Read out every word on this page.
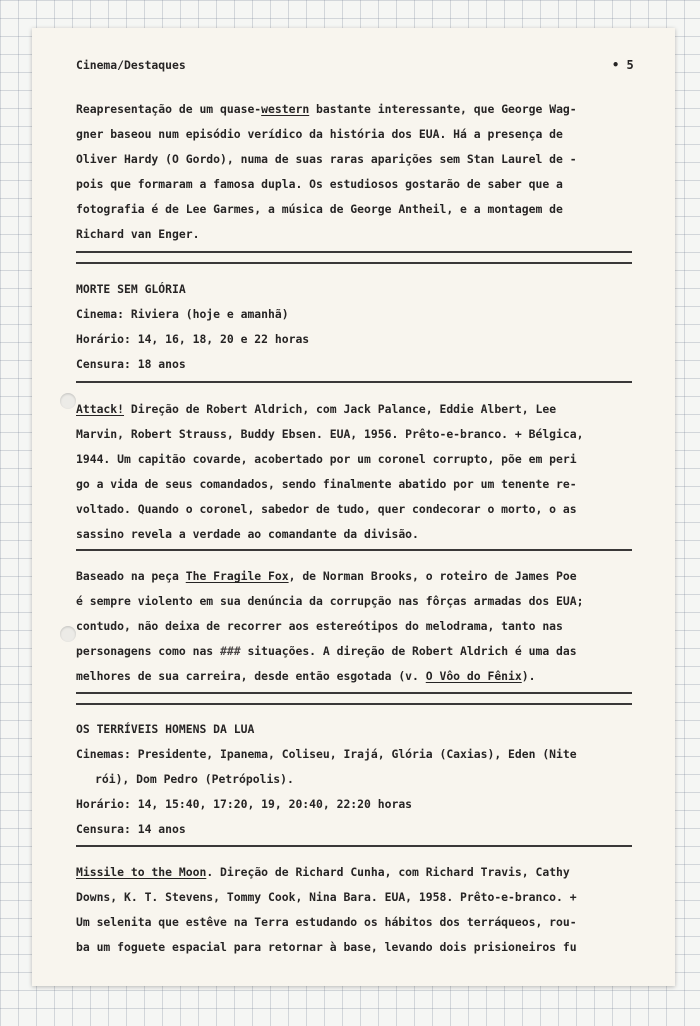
Cinema/Destaques	• 5
Reapresentação de um quase-western bastante interessante, que George Wag-
gner baseou num episódio verídico da história dos EUA. Há a presença de
Oliver Hardy (O Gordo), numa de suas raras aparições sem Stan Laurel de -
pois que formaram a famosa dupla. Os estudiosos gostarão de saber que a
fotografia é de Lee Garmes, a música de George Antheil, e a montagem de
Richard van Enger.
MORTE SEM GLÓRIA
Cinema: Riviera (hoje e amanhã)
Horário: 14, 16, 18, 20 e 22 horas
Censura: 18 anos
Attack! Direção de Robert Aldrich, com Jack Palance, Eddie Albert, Lee
Marvin, Robert Strauss, Buddy Ebsen. EUA, 1956. Prêto-e-branco. + Bélgica,
1944. Um capitão covarde, acobertado por um coronel corrupto, põe em peri
go a vida de seus comandados, sendo finalmente abatido por um tenente re-
voltado. Quando o coronel, sabedor de tudo, quer condecorar o morto, o as
sassino revela a verdade ao comandante da divisão.
Baseado na peça The Fragile Fox, de Norman Brooks, o roteiro de James Poe
é sempre violento em sua denúncia da corrupção nas fôrças armadas dos EUA;
contudo, não deixa de recorrer aos estereótipos do melodrama, tanto nas
personagens como nas ### situações. A direção de Robert Aldrich é uma das
melhores de sua carreira, desde então esgotada (v. O Vôo do Fênix).
OS TERRÍVEIS HOMENS DA LUA
Cinemas: Presidente, Ipanema, Coliseu, Irajá, Glória (Caxias), Eden (Nite
rói), Dom Pedro (Petrópolis).
Horário: 14, 15:40, 17:20, 19, 20:40, 22:20 horas
Censura: 14 anos
Missile to the Moon. Direção de Richard Cunha, com Richard Travis, Cathy
Downs, K. T. Stevens, Tommy Cook, Nina Bara. EUA, 1958. Prêto-e-branco. +
Um selenita que estêve na Terra estudando os hábitos dos terráqueos, rou-
ba um foguete espacial para retornar à base, levando dois prisioneiros fu
